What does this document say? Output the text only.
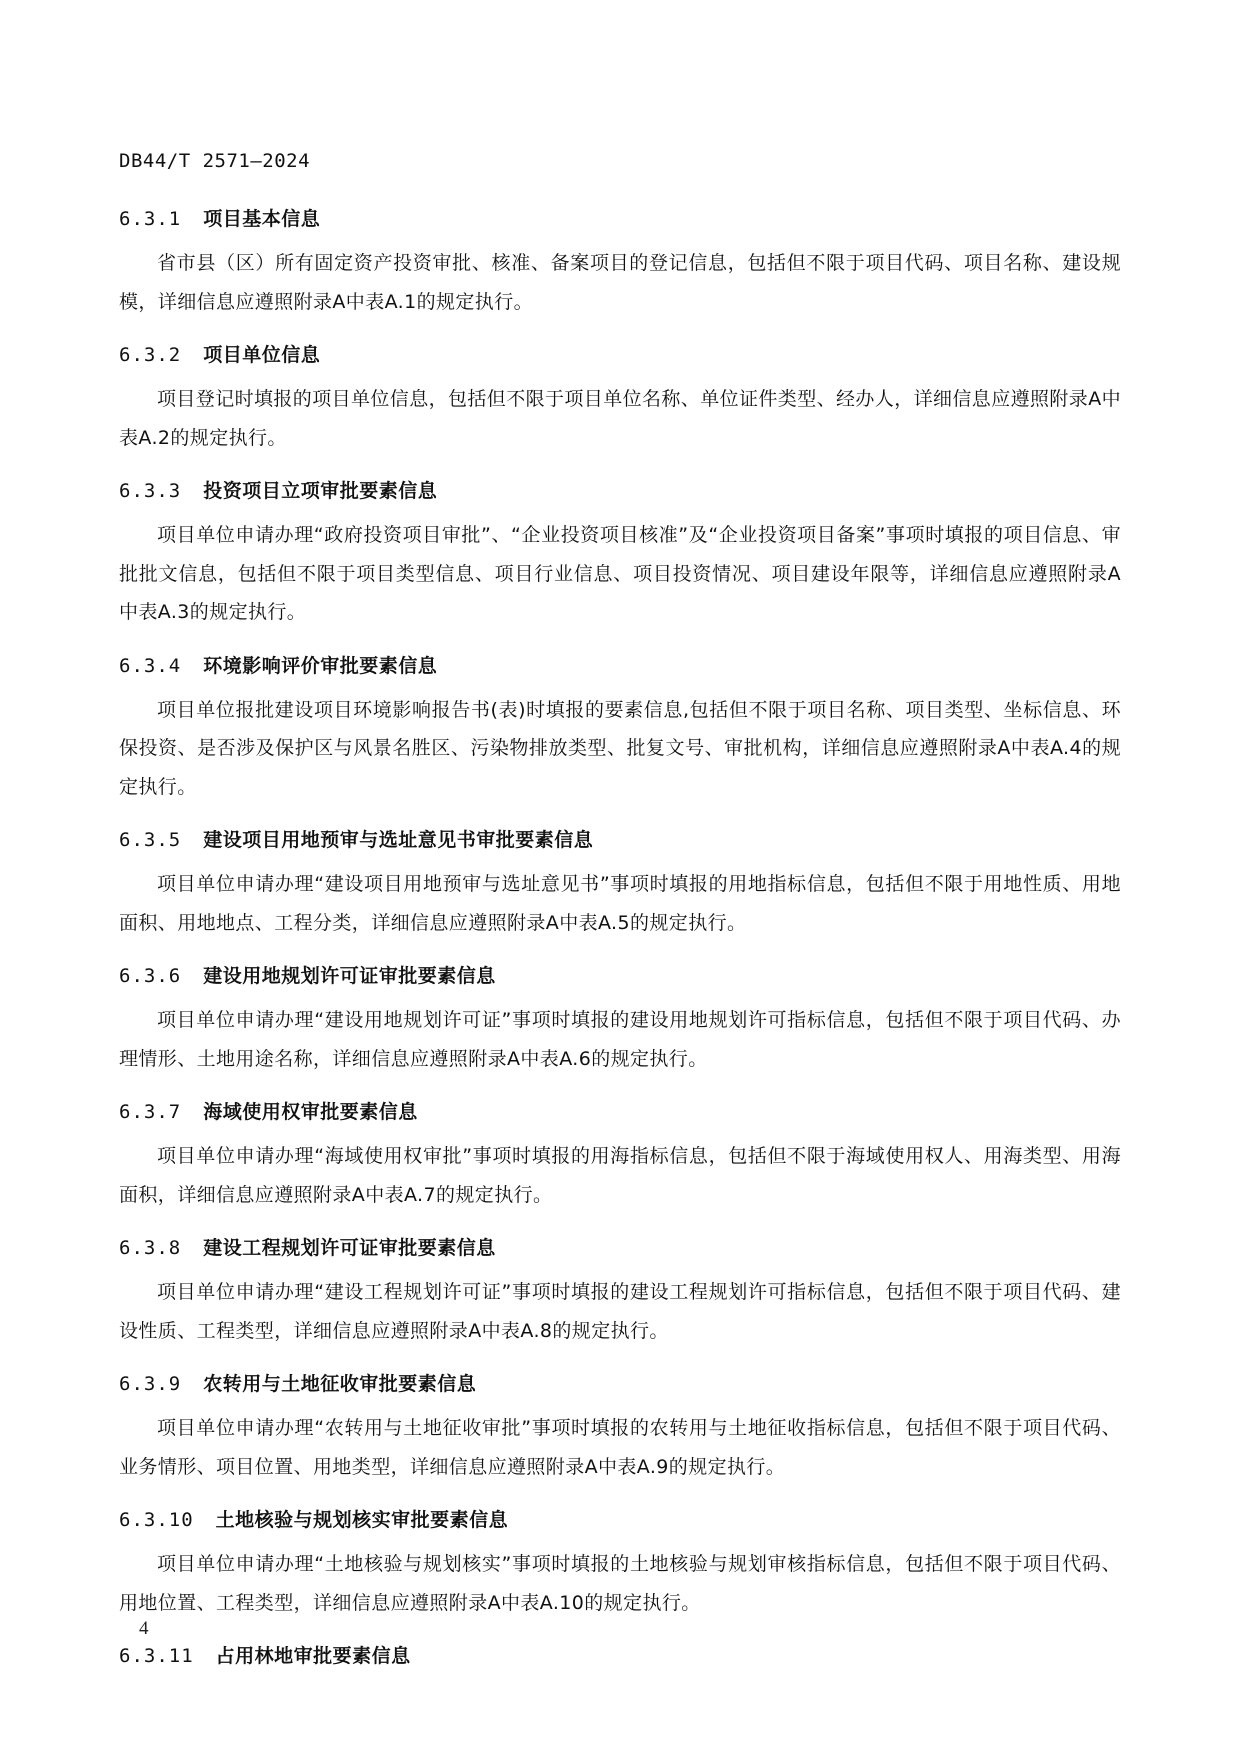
DB44/T 2571—2024
6.3.1 项目基本信息

省市县（区）所有固定资产投资审批、核准、备案项目的登记信息，包括但不限于项目代码、项目名称、建设规模，详细信息应遵照附录A中表A.1的规定执行。

6.3.2 项目单位信息

项目登记时填报的项目单位信息，包括但不限于项目单位名称、单位证件类型、经办人，详细信息应遵照附录A中表A.2的规定执行。

6.3.3 投资项目立项审批要素信息

项目单位申请办理“政府投资项目审批”、“企业投资项目核准”及“企业投资项目备案”事项时填报的项目信息、审批批文信息，包括但不限于项目类型信息、项目行业信息、项目投资情况、项目建设年限等，详细信息应遵照附录A中表A.3的规定执行。

6.3.4 环境影响评价审批要素信息

项目单位报批建设项目环境影响报告书(表)时填报的要素信息,包括但不限于项目名称、项目类型、坐标信息、环保投资、是否涉及保护区与风景名胜区、污染物排放类型、批复文号、审批机构，详细信息应遵照附录A中表A.4的规定执行。

6.3.5 建设项目用地预审与选址意见书审批要素信息

项目单位申请办理“建设项目用地预审与选址意见书”事项时填报的用地指标信息，包括但不限于用地性质、用地面积、用地地点、工程分类，详细信息应遵照附录A中表A.5的规定执行。

6.3.6 建设用地规划许可证审批要素信息

项目单位申请办理“建设用地规划许可证”事项时填报的建设用地规划许可指标信息，包括但不限于项目代码、办理情形、土地用途名称，详细信息应遵照附录A中表A.6的规定执行。

6.3.7 海域使用权审批要素信息

项目单位申请办理“海域使用权审批”事项时填报的用海指标信息，包括但不限于海域使用权人、用海类型、用海面积，详细信息应遵照附录A中表A.7的规定执行。

6.3.8 建设工程规划许可证审批要素信息

项目单位申请办理“建设工程规划许可证”事项时填报的建设工程规划许可指标信息，包括但不限于项目代码、建设性质、工程类型，详细信息应遵照附录A中表A.8的规定执行。

6.3.9 农转用与土地征收审批要素信息

项目单位申请办理“农转用与土地征收审批”事项时填报的农转用与土地征收指标信息，包括但不限于项目代码、业务情形、项目位置、用地类型，详细信息应遵照附录A中表A.9的规定执行。

6.3.10 土地核验与规划核实审批要素信息

项目单位申请办理“土地核验与规划核实”事项时填报的土地核验与规划审核指标信息，包括但不限于项目代码、用地位置、工程类型，详细信息应遵照附录A中表A.10的规定执行。

6.3.11 占用林地审批要素信息
4
